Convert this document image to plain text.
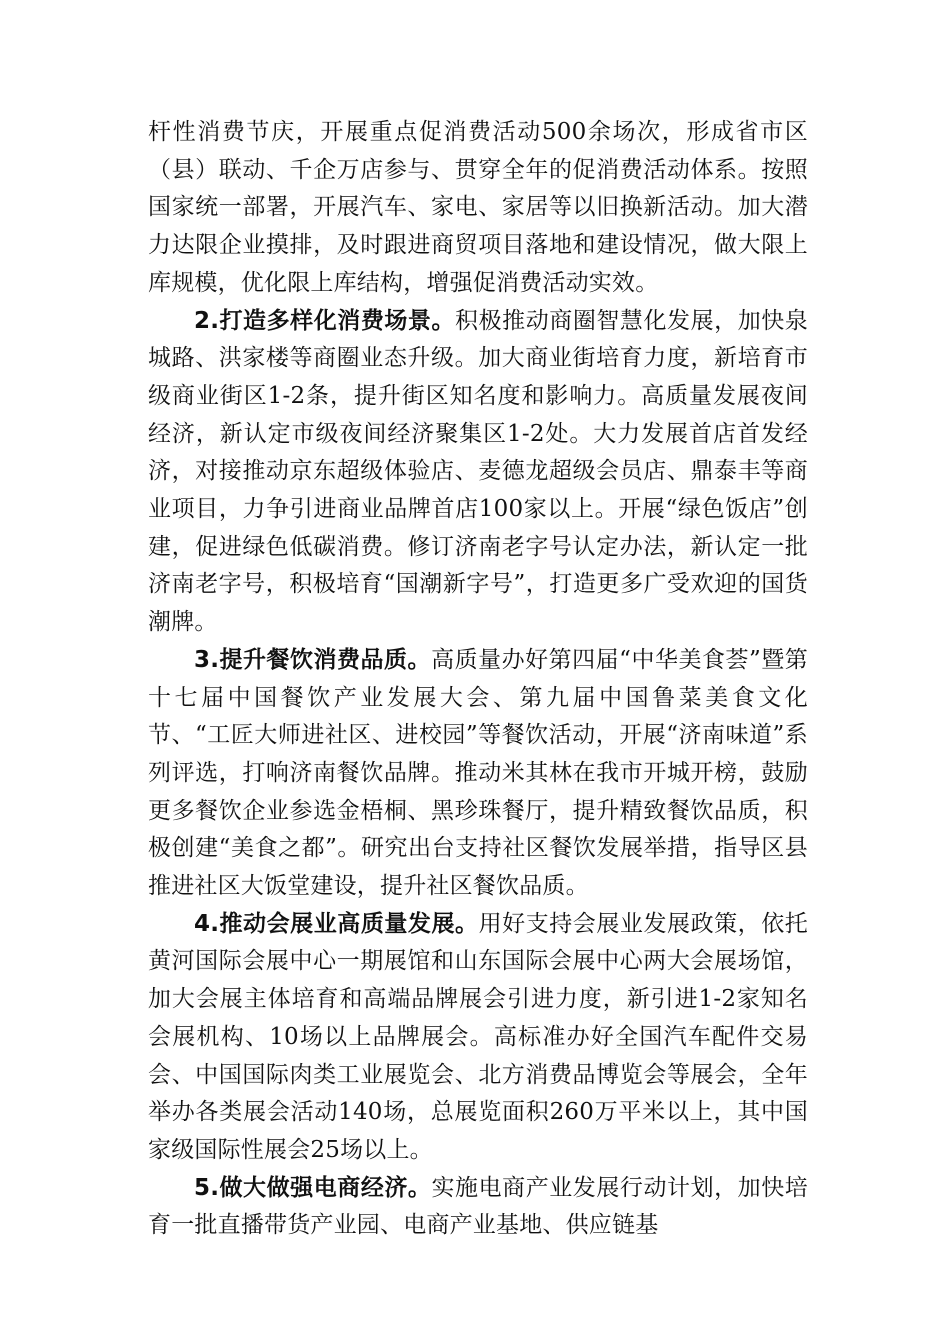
杆性消费节庆，开展重点促消费活动500余场次，形成省市区（县）联动、千企万店参与、贯穿全年的促消费活动体系。按照国家统一部署，开展汽车、家电、家居等以旧换新活动。加大潜力达限企业摸排，及时跟进商贸项目落地和建设情况，做大限上库规模，优化限上库结构，增强促消费活动实效。

2.打造多样化消费场景。积极推动商圈智慧化发展，加快泉城路、洪家楼等商圈业态升级。加大商业街培育力度，新培育市级商业街区1-2条，提升街区知名度和影响力。高质量发展夜间经济，新认定市级夜间经济聚集区1-2处。大力发展首店首发经济，对接推动京东超级体验店、麦德龙超级会员店、鼎泰丰等商业项目，力争引进商业品牌首店100家以上。开展“绿色饭店”创建，促进绿色低碳消费。修订济南老字号认定办法，新认定一批济南老字号，积极培育“国潮新字号”，打造更多广受欢迎的国货潮牌。

3.提升餐饮消费品质。高质量办好第四届“中华美食荟”暨第十七届中国餐饮产业发展大会、第九届中国鲁菜美食文化节、“工匠大师进社区、进校园”等餐饮活动，开展“济南味道”系列评选，打响济南餐饮品牌。推动米其林在我市开城开榜，鼓励更多餐饮企业参选金梧桐、黑珍珠餐厅，提升精致餐饮品质，积极创建“美食之都”。研究出台支持社区餐饮发展举措，指导区县推进社区大饭堂建设，提升社区餐饮品质。

4.推动会展业高质量发展。用好支持会展业发展政策，依托黄河国际会展中心一期展馆和山东国际会展中心两大会展场馆，加大会展主体培育和高端品牌展会引进力度，新引进1-2家知名会展机构、10场以上品牌展会。高标准办好全国汽车配件交易会、中国国际肉类工业展览会、北方消费品博览会等展会，全年举办各类展会活动140场，总展览面积260万平米以上，其中国家级国际性展会25场以上。

5.做大做强电商经济。实施电商产业发展行动计划，加快培育一批直播带货产业园、电商产业基地、供应链基
